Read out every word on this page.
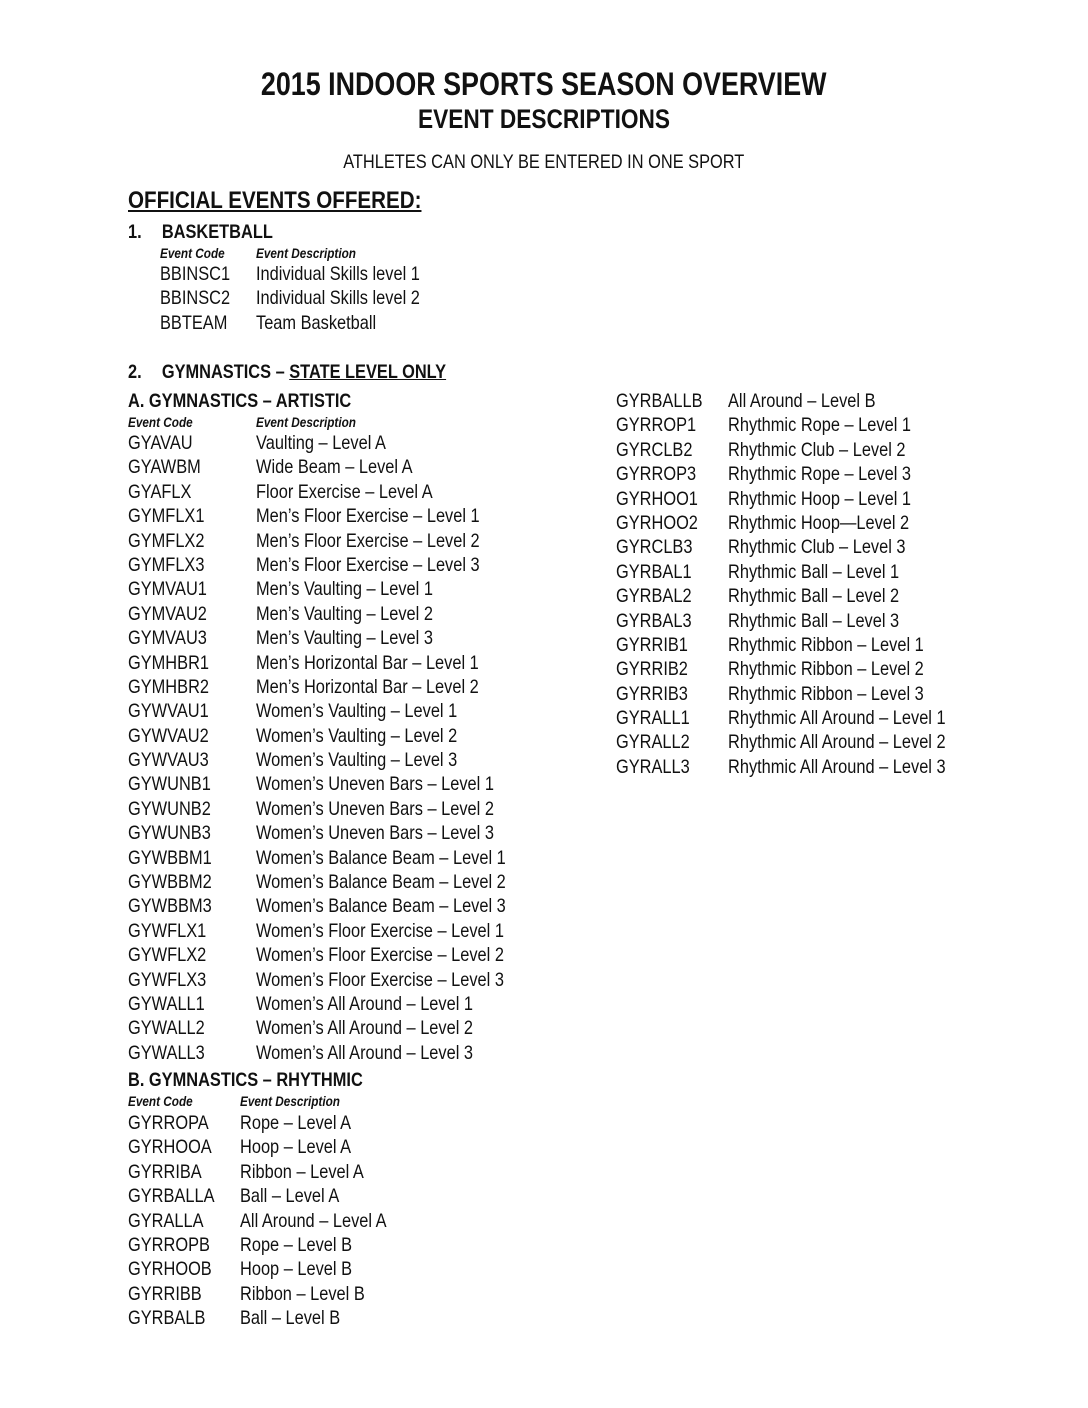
2015 INDOOR SPORTS SEASON OVERVIEW
EVENT DESCRIPTIONS
ATHLETES CAN ONLY BE ENTERED IN ONE SPORT
OFFICIAL EVENTS OFFERED:
1. BASKETBALL
Event Code Event Description
BBINSC1 Individual Skills level 1
BBINSC2 Individual Skills level 2
BBTEAM Team Basketball
2. GYMNASTICS – STATE LEVEL ONLY
A. GYMNASTICS – ARTISTIC
Event Code	Event Description
GYAVAU	Vaulting – Level A
GYAWBM	Wide Beam – Level A
GYAFLX	Floor Exercise – Level A
GYMFLX1	Men’s Floor Exercise – Level 1
GYMFLX2	Men’s Floor Exercise – Level 2
GYMFLX3	Men’s Floor Exercise – Level 3
GYMVAU1	Men’s Vaulting – Level 1
GYMVAU2	Men’s Vaulting – Level 2
GYMVAU3	Men’s Vaulting – Level 3
GYMHBR1 Men’s Horizontal Bar – Level 1
GYMHBR2 Men’s Horizontal Bar – Level 2
GYWVAU1 Women’s Vaulting – Level 1
GYWVAU2 Women’s Vaulting – Level 2
GYWVAU3 Women’s Vaulting – Level 3
GYWUNB1 Women’s Uneven Bars – Level 1
GYWUNB2 Women’s Uneven Bars – Level 2
GYWUNB3 Women’s Uneven Bars – Level 3
GYWBBM1 Women’s Balance Beam – Level 1
GYWBBM2 Women’s Balance Beam – Level 2
GYWBBM3 Women’s Balance Beam – Level 3
GYWFLX1	Women’s Floor Exercise – Level 1
GYWFLX2	Women’s Floor Exercise – Level 2
GYWFLX3	Women’s Floor Exercise – Level 3
GYWALL1	Women’s All Around – Level 1
GYWALL2	Women’s All Around – Level 2
GYWALL3	Women’s All Around – Level 3
B. GYMNASTICS – RHYTHMIC
Event Code	Event Description
GYRROPA Rope – Level A
GYRHOOA Hoop – Level A
GYRRIBA Ribbon – Level A
GYRBALLA Ball – Level A
GYRALLA All Around – Level A
GYRROPB Rope – Level B
GYRHOOB Hoop – Level B
GYRRIBB Ribbon – Level B
GYRBALB Ball – Level B
GYRBALLB All Around – Level B
GYRROP1 Rhythmic Rope – Level 1
GYRCLB2 Rhythmic Club – Level 2
GYRROP3 Rhythmic Rope – Level 3
GYRHOO1 Rhythmic Hoop – Level 1
GYRHOO2 Rhythmic Hoop—Level 2
GYRCLB3 Rhythmic Club – Level 3
GYRBAL1 Rhythmic Ball – Level 1
GYRBAL2 Rhythmic Ball – Level 2
GYRBAL3 Rhythmic Ball – Level 3
GYRRIB1 Rhythmic Ribbon – Level 1
GYRRIB2 Rhythmic Ribbon – Level 2
GYRRIB3 Rhythmic Ribbon – Level 3
GYRALL1 Rhythmic All Around – Level 1
GYRALL2 Rhythmic All Around – Level 2
GYRALL3 Rhythmic All Around – Level 3
